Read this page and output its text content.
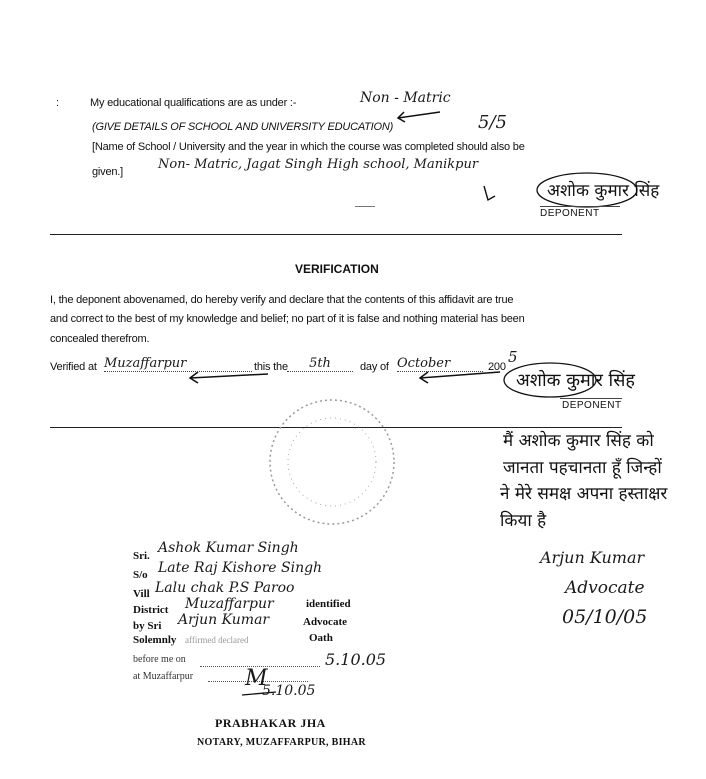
:	My educational qualifications are as under :-	Non - Matric
(GIVE DETAILS OF SCHOOL AND UNIVERSITY EDUCATION)	5/5
[Name of School / University and the year in which the course was completed should also be
given.]	Non- Matric, Jagat Singh High school, Manikpur
अशोक कुमार सिंह
DEPONENT
VERIFICATION
I, the deponent abovenamed, do hereby verify and declare that the contents of this affidavit are true
and correct to the best of my knowledge and belief; no part of it is false and nothing material has been
concealed therefrom.
Verified at Muzaffarpur	this the	5th	day of October	200
5
अशोक कुमार सिंह
DEPONENT
मैं अशोक कुमार सिंह को
जानता पहचानता हूँ जिन्हों
ने मेरे समक्ष अपना हस्ताक्षर
किया है
Arjun Kumar
Advocate
05/10/05
Sri. Ashok Kumar Singh
S/o Late Raj Kishore Singh
Vill Lalu chak P.S Paroo
District Muzaffarpur	identified
by Sri Arjun Kumar	Advocate
Solemnly affirmed declared	Oath
before me on	5.10.05
at Muzaffarpur M
5.10.05
PRABHAKAR JHA
NOTARY, MUZAFFARPUR, BIHAR
